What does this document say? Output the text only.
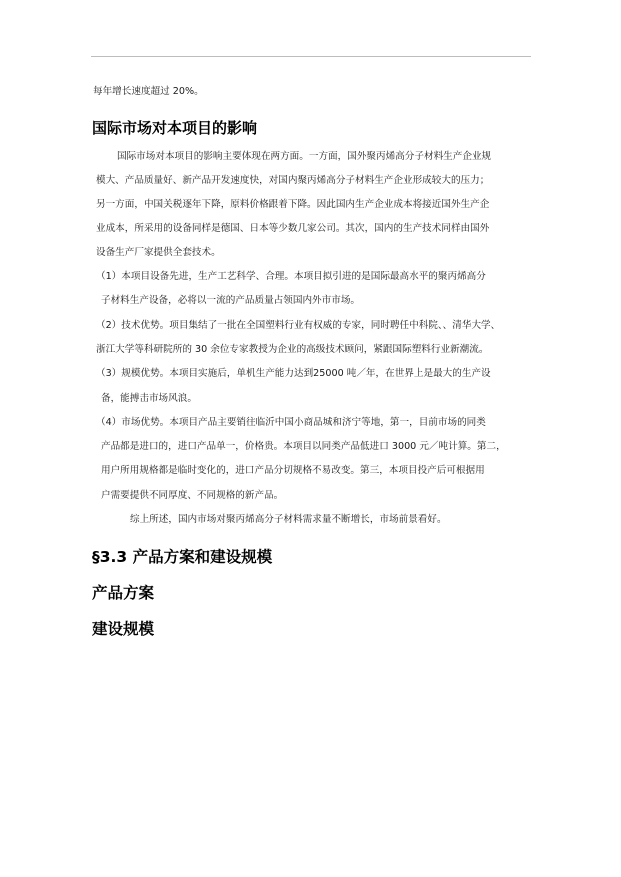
每年增长速度超过 20%。
国际市场对本项目的影响
国际市场对本项目的影响主要体现在两方面。一方面，国外聚丙烯高分子材料生产企业规
模大、产品质量好、新产品开发速度快，对国内聚丙烯高分子材料生产企业形成较大的压力；
另一方面，中国关税逐年下降，原料价格跟着下降。因此国内生产企业成本将接近国外生产企
业成本，所采用的设备同样是德国、日本等少数几家公司。其次，国内的生产技术同样由国外
设备生产厂家提供全套技术。
（1）本项目设备先进，生产工艺科学、合理。本项目拟引进的是国际最高水平的聚丙烯高分
子材料生产设备，必将以一流的产品质量占领国内外市市场。
（2）技术优势。项目集结了一批在全国塑料行业有权威的专家，同时聘任中科院、、清华大学、
浙江大学等科研院所的 30 余位专家教授为企业的高级技术顾问，紧跟国际塑料行业新潮流。
（3）规模优势。本项目实施后，单机生产能力达到25000 吨／年，在世界上是最大的生产设
备，能搏击市场风浪。
（4）市场优势。本项目产品主要销往临沂中国小商品城和济宁等地，第一，目前市场的同类
产品都是进口的，进口产品单一，价格贵。本项目以同类产品低进口 3000 元／吨计算。第二，
用户所用规格都是临时变化的，进口产品分切规格不易改变。第三，本项目投产后可根据用
户需要提供不同厚度、不同规格的新产品。
综上所述，国内市场对聚丙烯高分子材料需求量不断增长，市场前景看好。
§3.3 产品方案和建设规模
产品方案
建设规模
